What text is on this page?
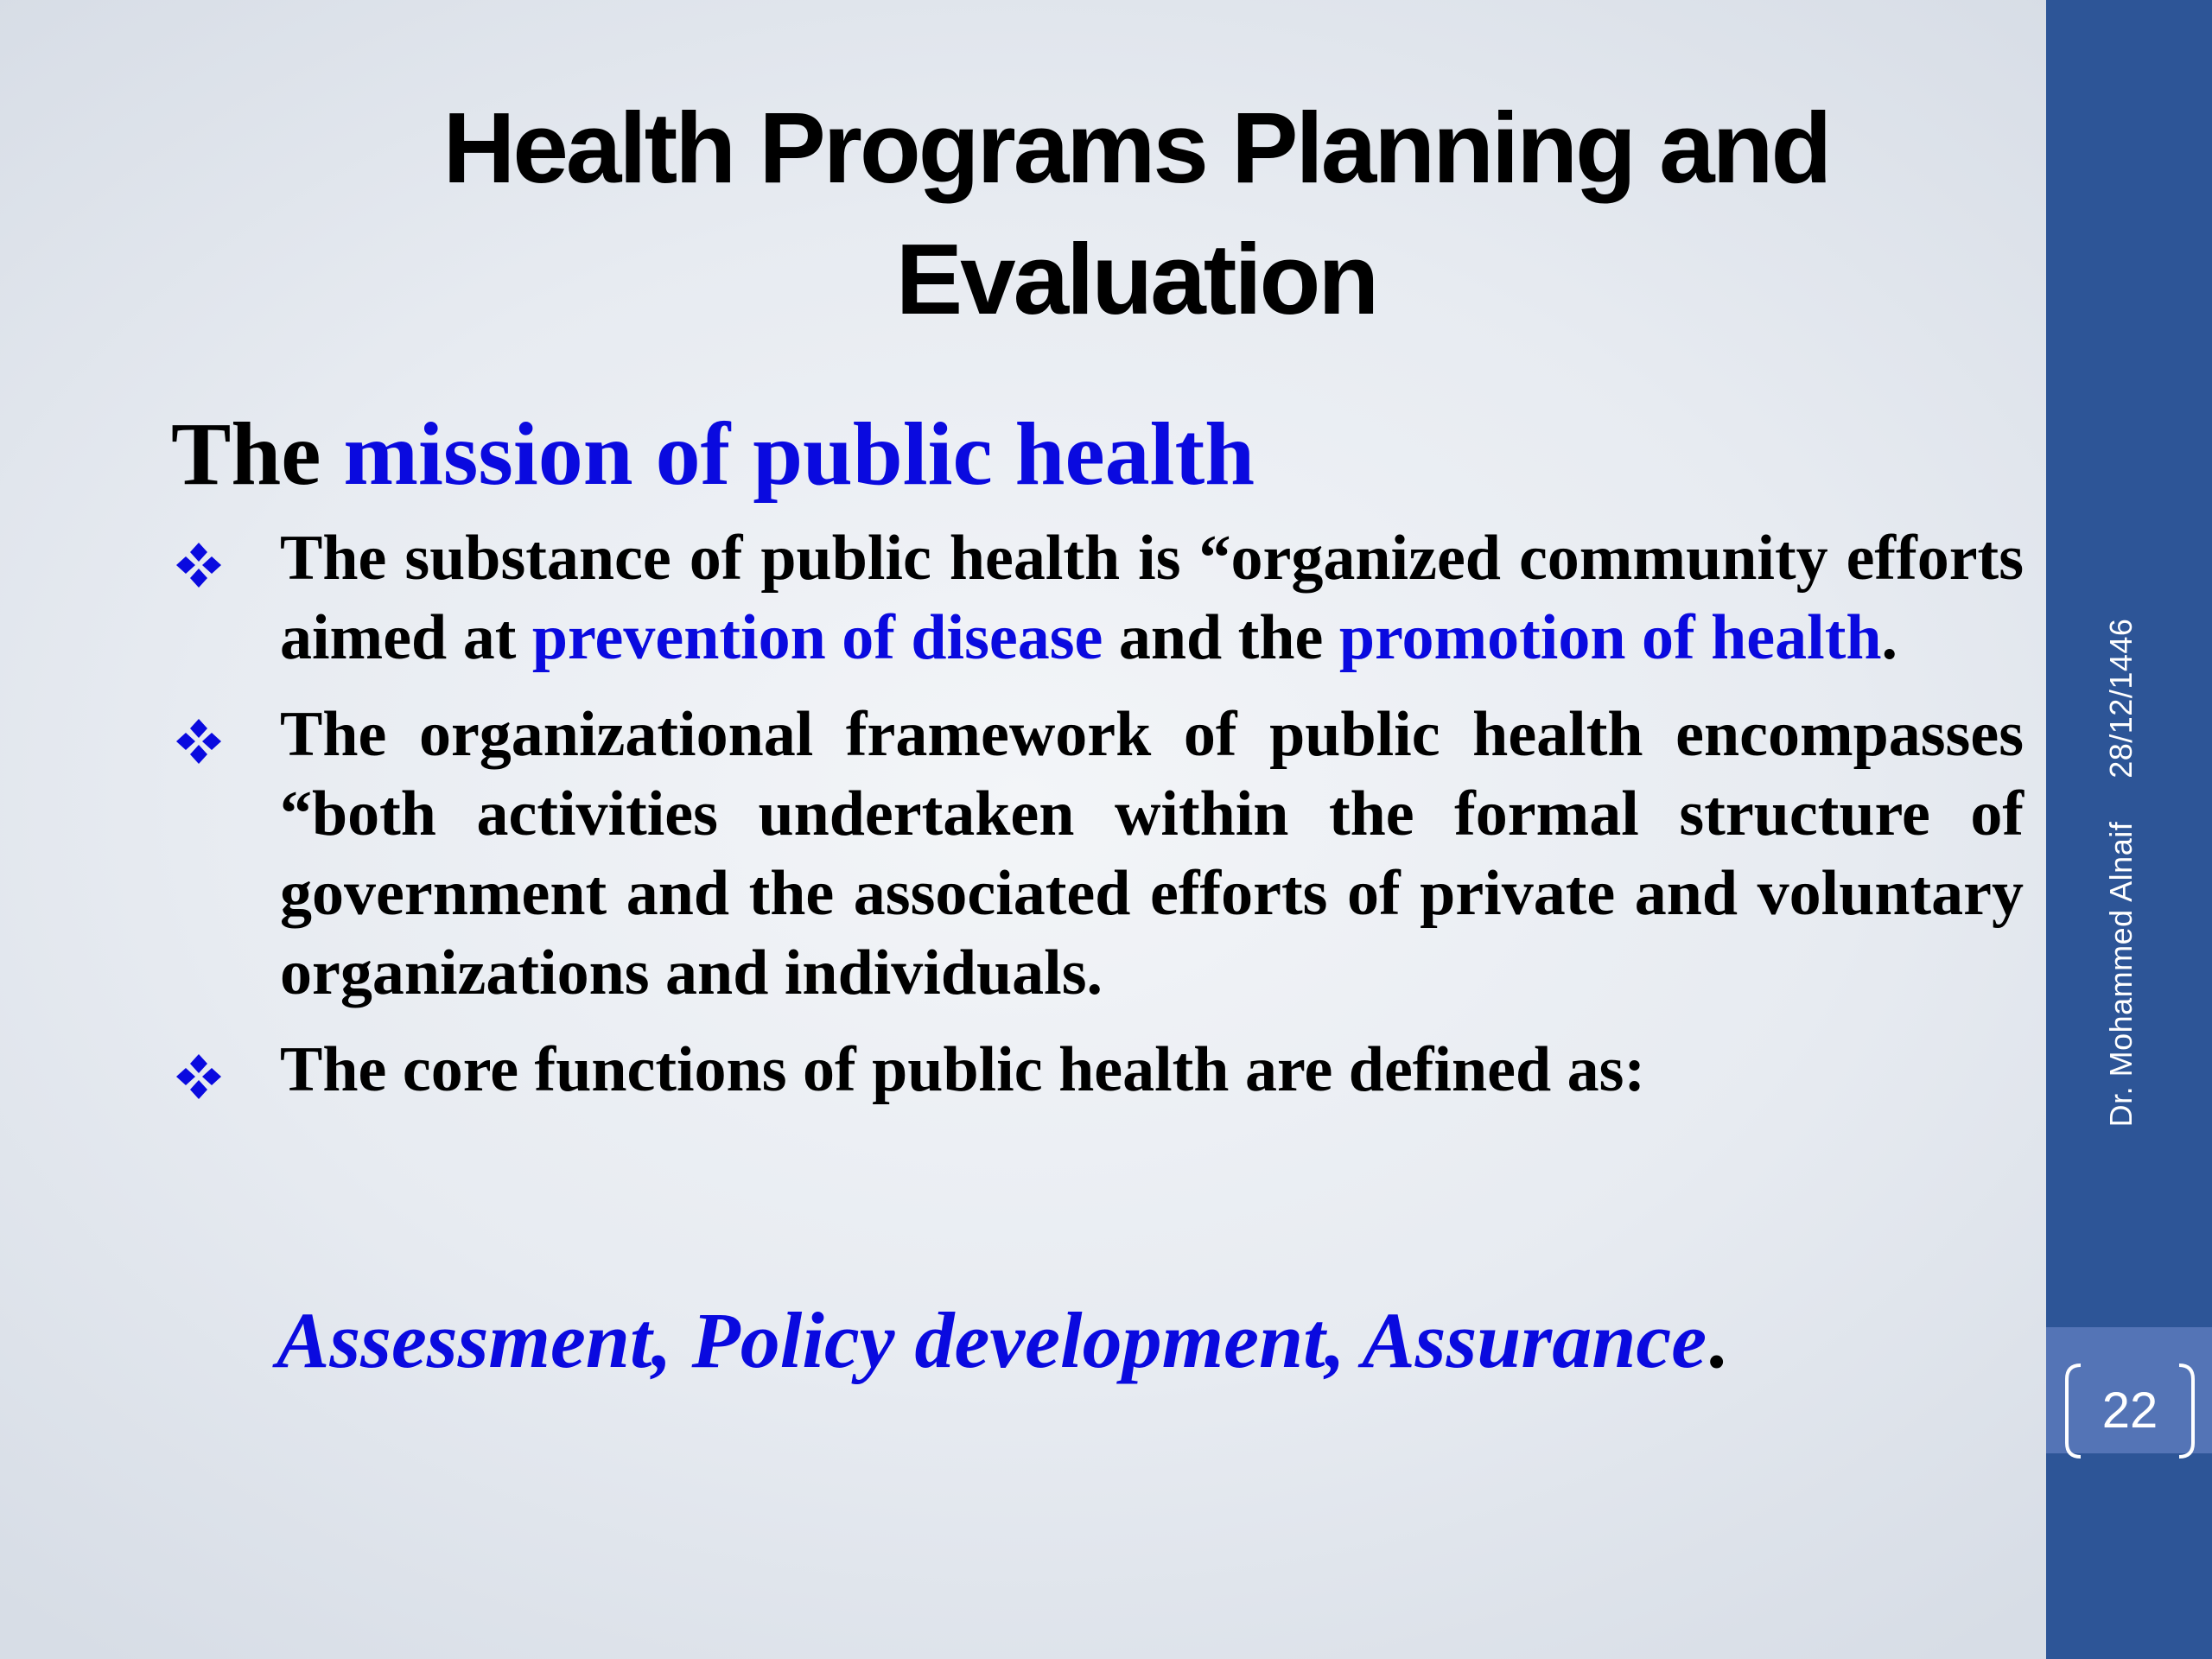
Health Programs Planning and Evaluation
The mission of public health
The substance of public health is “organized community efforts aimed at prevention of disease and the promotion of health.
The organizational framework of public health encompasses “both activities undertaken within the formal structure of government and the associated efforts of private and voluntary organizations and individuals.
The core functions of public health are defined as:
Assessment, Policy development, Assurance.
Dr. Mohammed Alnaif28/12/1446
22
